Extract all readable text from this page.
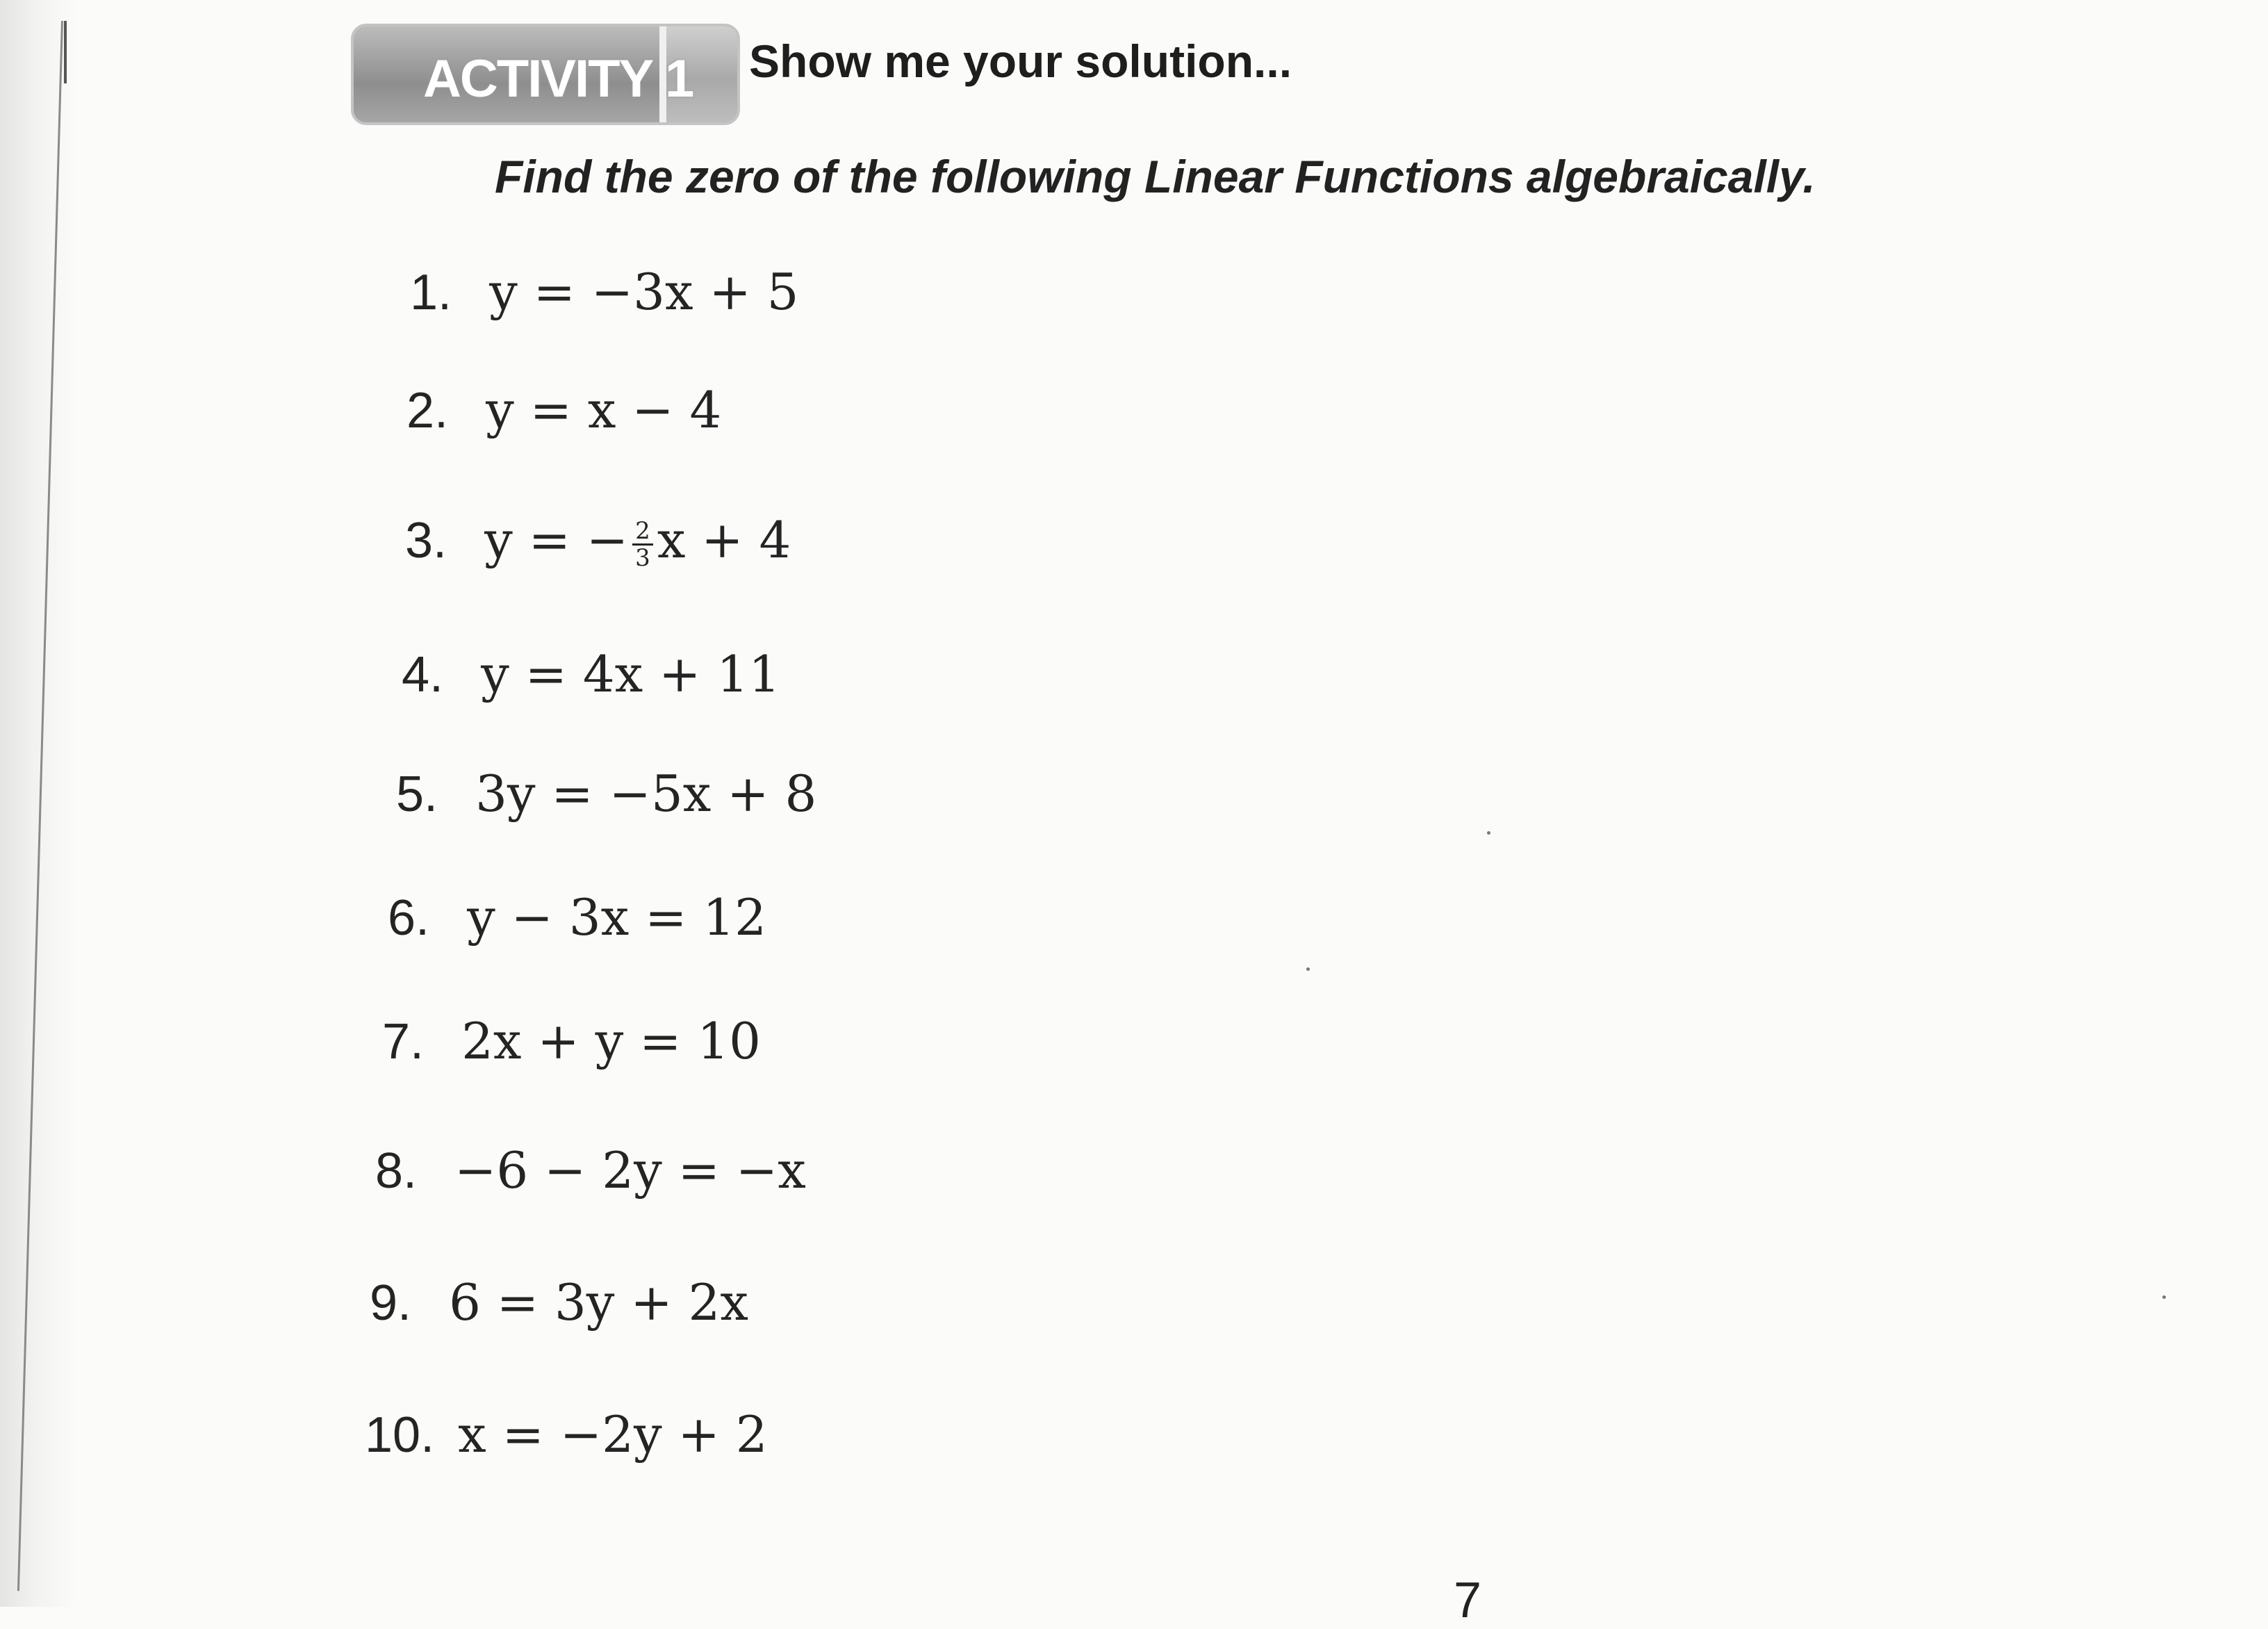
ACTIVITY 1 Show me your solution...
Find the zero of the following Linear Functions algebraically.
1. y = −3x + 5
2. y = x − 4
3. y = − $\frac{2}{3}$ x + 4
4. y = 4x + 11
5. 3y = −5x + 8
6. y − 3x = 12
7. 2x + y = 10
8. −6 − 2y = −x
9. 6 = 3y + 2x
10. x = −2y + 2
7
